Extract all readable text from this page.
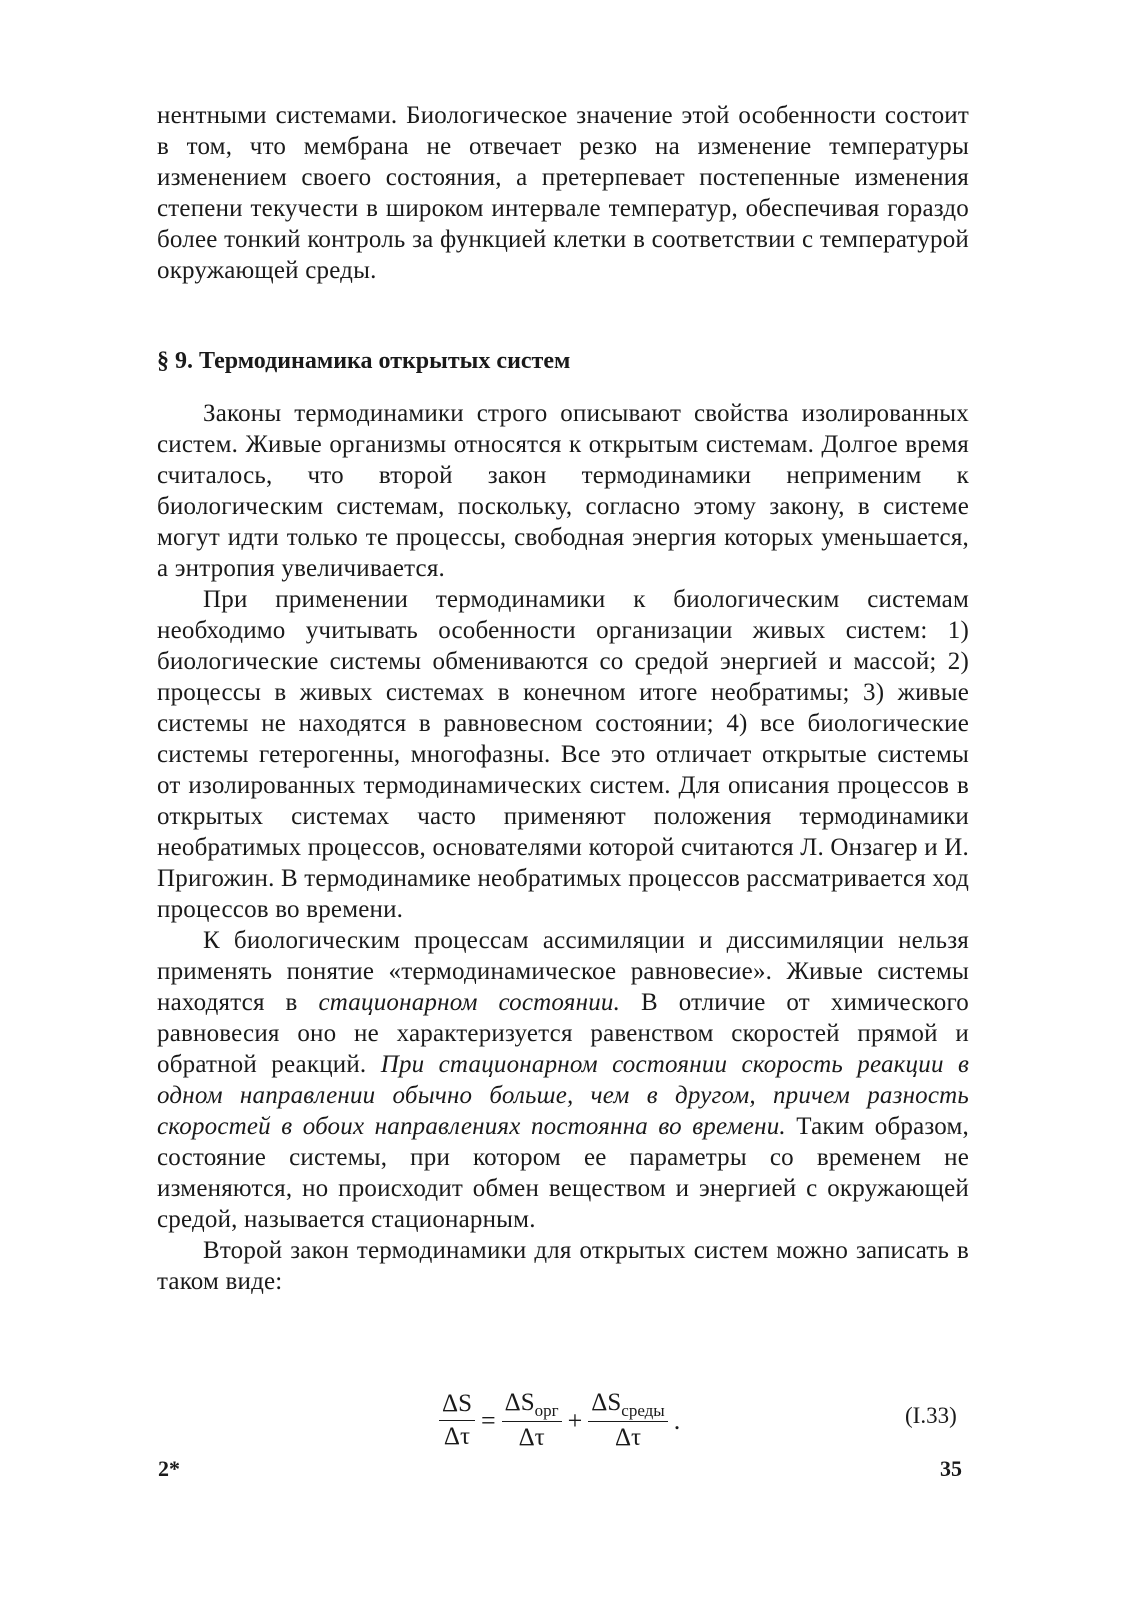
нентными системами. Биологическое значение этой особенности состоит в том, что мембрана не отвечает резко на изменение температуры изменением своего состояния, а претерпевает постепенные изменения степени текучести в широком интервале температур, обеспечивая гораздо более тонкий контроль за функцией клетки в соответствии с температурой окружающей среды.

§ 9. Термодинамика открытых систем

Законы термодинамики строго описывают свойства изолированных систем. Живые организмы относятся к открытым системам. Долгое время считалось, что второй закон термодинамики неприменим к биологическим системам, поскольку, согласно этому закону, в системе могут идти только те процессы, свободная энергия которых уменьшается, а энтропия увеличивается.

При применении термодинамики к биологическим системам необходимо учитывать особенности организации живых систем: 1) биологические системы обмениваются со средой энергией и массой; 2) процессы в живых системах в конечном итоге необратимы; 3) живые системы не находятся в равновесном состоянии; 4) все биологические системы гетерогенны, многофазны. Все это отличает открытые системы от изолированных термодинамических систем. Для описания процессов в открытых системах часто применяют положения термодинамики необратимых процессов, основателями которой считаются Л. Онзагер и И. Пригожин. В термодинамике необратимых процессов рассматривается ход процессов во времени.

К биологическим процессам ассимиляции и диссимиляции нельзя применять понятие «термодинамическое равновесие». Живые системы находятся в стационарном состоянии. В отличие от химического равновесия оно не характеризуется равенством скоростей прямой и обратной реакций. При стационарном состоянии скорость реакции в одном направлении обычно больше, чем в другом, причем разность скоростей в обоих направлениях постоянна во времени. Таким образом, состояние системы, при котором ее параметры со временем не изменяются, но происходит обмен веществом и энергией с окружающей средой, называется стационарным.

Второй закон термодинамики для открытых систем можно записать в таком виде:

$\frac{\Delta S}{\Delta\tau} = \frac{\Delta S_{орг}}{\Delta\tau} + \frac{\Delta S_{среды}}{\Delta\tau}$ .	(I.33)
2*	35
